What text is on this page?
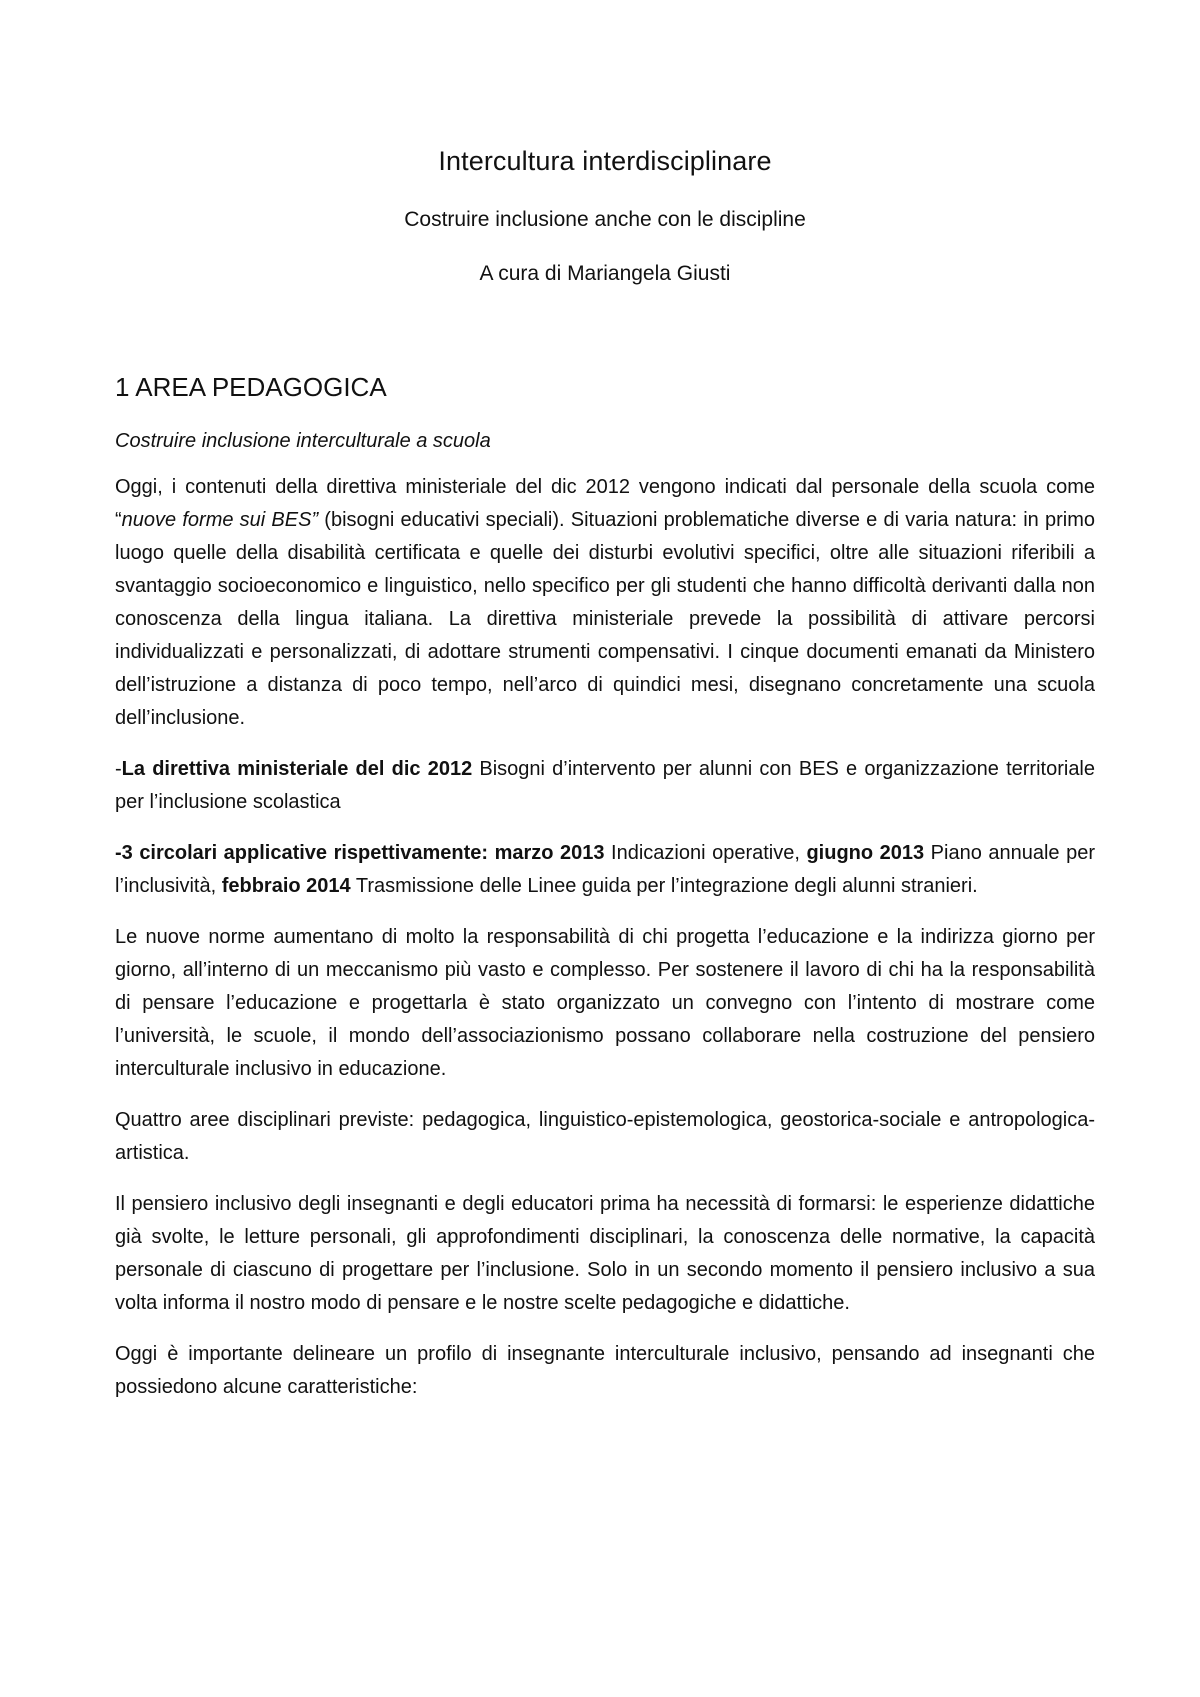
Intercultura interdisciplinare
Costruire inclusione anche con le discipline
A cura di Mariangela Giusti
1 AREA PEDAGOGICA
Costruire inclusione interculturale a scuola

Oggi, i contenuti della direttiva ministeriale del dic 2012 vengono indicati dal personale della scuola come “nuove forme sui BES” (bisogni educativi speciali). Situazioni problematiche diverse e di varia natura: in primo luogo quelle della disabilità certificata e quelle dei disturbi evolutivi specifici, oltre alle situazioni riferibili a svantaggio socioeconomico e linguistico, nello specifico per gli studenti che hanno difficoltà derivanti dalla non conoscenza della lingua italiana. La direttiva ministeriale prevede la possibilità di attivare percorsi individualizzati e personalizzati, di adottare strumenti compensativi. I cinque documenti emanati da Ministero dell’istruzione a distanza di poco tempo, nell’arco di quindici mesi, disegnano concretamente una scuola dell’inclusione.

-La direttiva ministeriale del dic 2012 Bisogni d’intervento per alunni con BES e organizzazione territoriale per l’inclusione scolastica

-3 circolari applicative rispettivamente: marzo 2013 Indicazioni operative, giugno 2013 Piano annuale per l’inclusività, febbraio 2014 Trasmissione delle Linee guida per l’integrazione degli alunni stranieri.

Le nuove norme aumentano di molto la responsabilità di chi progetta l’educazione e la indirizza giorno per giorno, all’interno di un meccanismo più vasto e complesso. Per sostenere il lavoro di chi ha la responsabilità di pensare l’educazione e progettarla è stato organizzato un convegno con l’intento di mostrare come l’università, le scuole, il mondo dell’associazionismo possano collaborare nella costruzione del pensiero interculturale inclusivo in educazione.

Quattro aree disciplinari previste: pedagogica, linguistico-epistemologica, geostorica-sociale e antropologica-artistica.

Il pensiero inclusivo degli insegnanti e degli educatori prima ha necessità di formarsi: le esperienze didattiche già svolte, le letture personali, gli approfondimenti disciplinari, la conoscenza delle normative, la capacità personale di ciascuno di progettare per l’inclusione. Solo in un secondo momento il pensiero inclusivo a sua volta informa il nostro modo di pensare e le nostre scelte pedagogiche e didattiche.

Oggi è importante delineare un profilo di insegnante interculturale inclusivo, pensando ad insegnanti che possiedono alcune caratteristiche:
